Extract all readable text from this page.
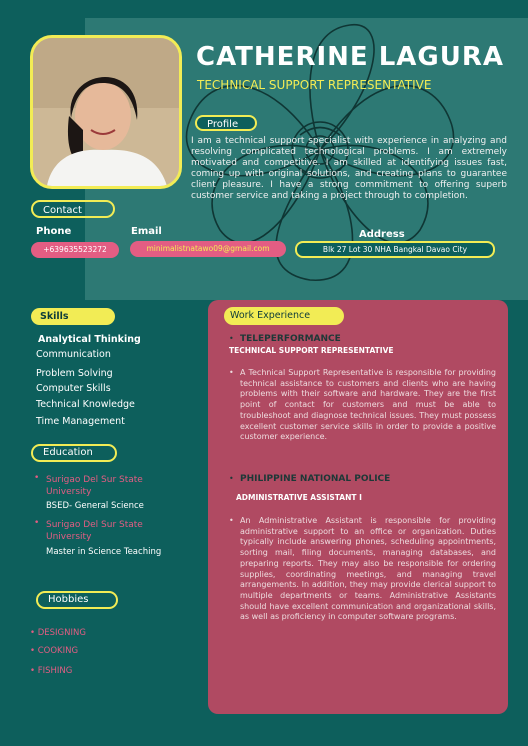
CATHERINE LAGURA
TECHNICAL SUPPORT REPRESENTATIVE
Profile
I am a technical support specialist with experience in analyzing and resolving complicated technological problems. I am extremely motivated and competitive. I am skilled at identifying issues fast, coming up with original solutions, and creating plans to guarantee client pleasure. I have a strong commitment to offering superb customer service and taking a project through to completion.
Contact
Phone	Email	Address
+639635523272	minimalistnatawo09@gmail.com	Blk 27 Lot 30 NHA Bangkal Davao City
Skills
Analytical Thinking
Communication
Problem Solving
Computer Skills
Technical Knowledge
Time Management
Education
• Surigao Del Sur State University
BSED- General Science
• Surigao Del Sur State University
Master in Science Teaching
Hobbies
• DESIGNING
• COOKING
• FISHING
Work Experience
• TELEPERFORMANCE
TECHNICAL SUPPORT REPRESENTATIVE
• A Technical Support Representative is responsible for providing technical assistance to customers and clients who are having problems with their software and hardware. They are the first point of contact for customers and must be able to troubleshoot and diagnose technical issues. They must possess excellent customer service skills in order to provide a positive customer experience.
• PHILIPPINE NATIONAL POLICE
ADMINISTRATIVE ASSISTANT I
• An Administrative Assistant is responsible for providing administrative support to an office or organization. Duties typically include answering phones, scheduling appointments, sorting mail, filing documents, managing databases, and preparing reports. They may also be responsible for ordering supplies, coordinating meetings, and managing travel arrangements. In addition, they may provide clerical support to multiple departments or teams. Administrative Assistants should have excellent communication and organizational skills, as well as proficiency in computer software programs.
